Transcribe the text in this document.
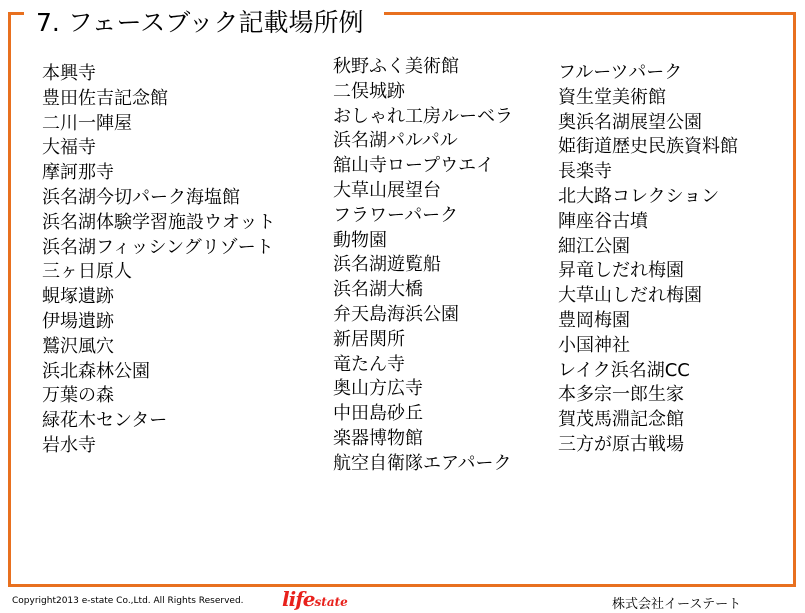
7. フェースブック記載場所例
本興寺
豊田佐吉記念館
二川一陣屋
大福寺
摩訶那寺
浜名湖今切パーク海塩館
浜名湖体験学習施設ウオット
浜名湖フィッシングリゾート
三ヶ日原人
蜆塚遺跡
伊場遺跡
鷲沢風穴
浜北森林公園
万葉の森
緑花木センター
岩水寺
秋野ふく美術館
二俣城跡
おしゃれ工房ルーベラ
浜名湖パルパル
舘山寺ロープウエイ
大草山展望台
フラワーパーク
動物園
浜名湖遊覧船
浜名湖大橋
弁天島海浜公園
新居関所
竜たん寺
奥山方広寺
中田島砂丘
楽器博物館
航空自衛隊エアパーク
フルーツパーク
資生堂美術館
奥浜名湖展望公園
姫街道歴史民族資料館
長楽寺
北大路コレクション
陣座谷古墳
細江公園
昇竜しだれ梅園
大草山しだれ梅園
豊岡梅園
小国神社
レイク浜名湖CC
本多宗一郎生家
賀茂馬淵記念館
三方が原古戦場
Copyright2013 e-state Co.,Ltd. All Rights Reserved. lifestate	株式会社イーステート
